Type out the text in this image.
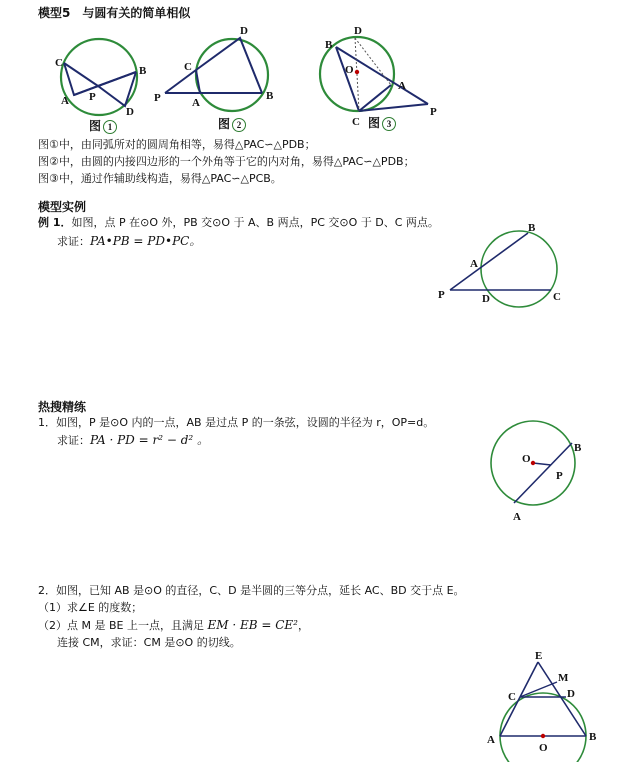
模型5　与圆有关的简单相似
C
B
A P
D
D
C
P	A
B
B
D
O
A
P
C
B
A
P	D	C
O
B
P
A
E
M
C	D
A
O
B
图 1	图 2	图 3
图①中，由同弧所对的圆周角相等，易得△PAC∽△PDB；
图②中，由圆的内接四边形的一个外角等于它的内对角，易得△PAC∽△PDB；
图③中，通过作辅助线构造，易得△PAC∽△PCB。
模型实例
例 1．如图，点 P 在⊙O 外，PB 交⊙O 于 A、B 两点，PC 交⊙O 于 D、C 两点。
求证：PA•PB = PD•PC。
热搜精练
1．如图，P 是⊙O 内的一点，AB 是过点 P 的一条弦，设圆的半径为 r，OP=d。
求证：PA · PD = r² − d² 。
2．如图，已知 AB 是⊙O 的直径，C、D 是半圆的三等分点，延长 AC、BD 交于点 E。
（1）求∠E 的度数；
（2）点 M 是 BE 上一点，且满足 EM · EB = CE²，
连接 CM，求证：CM 是⊙O 的切线。
